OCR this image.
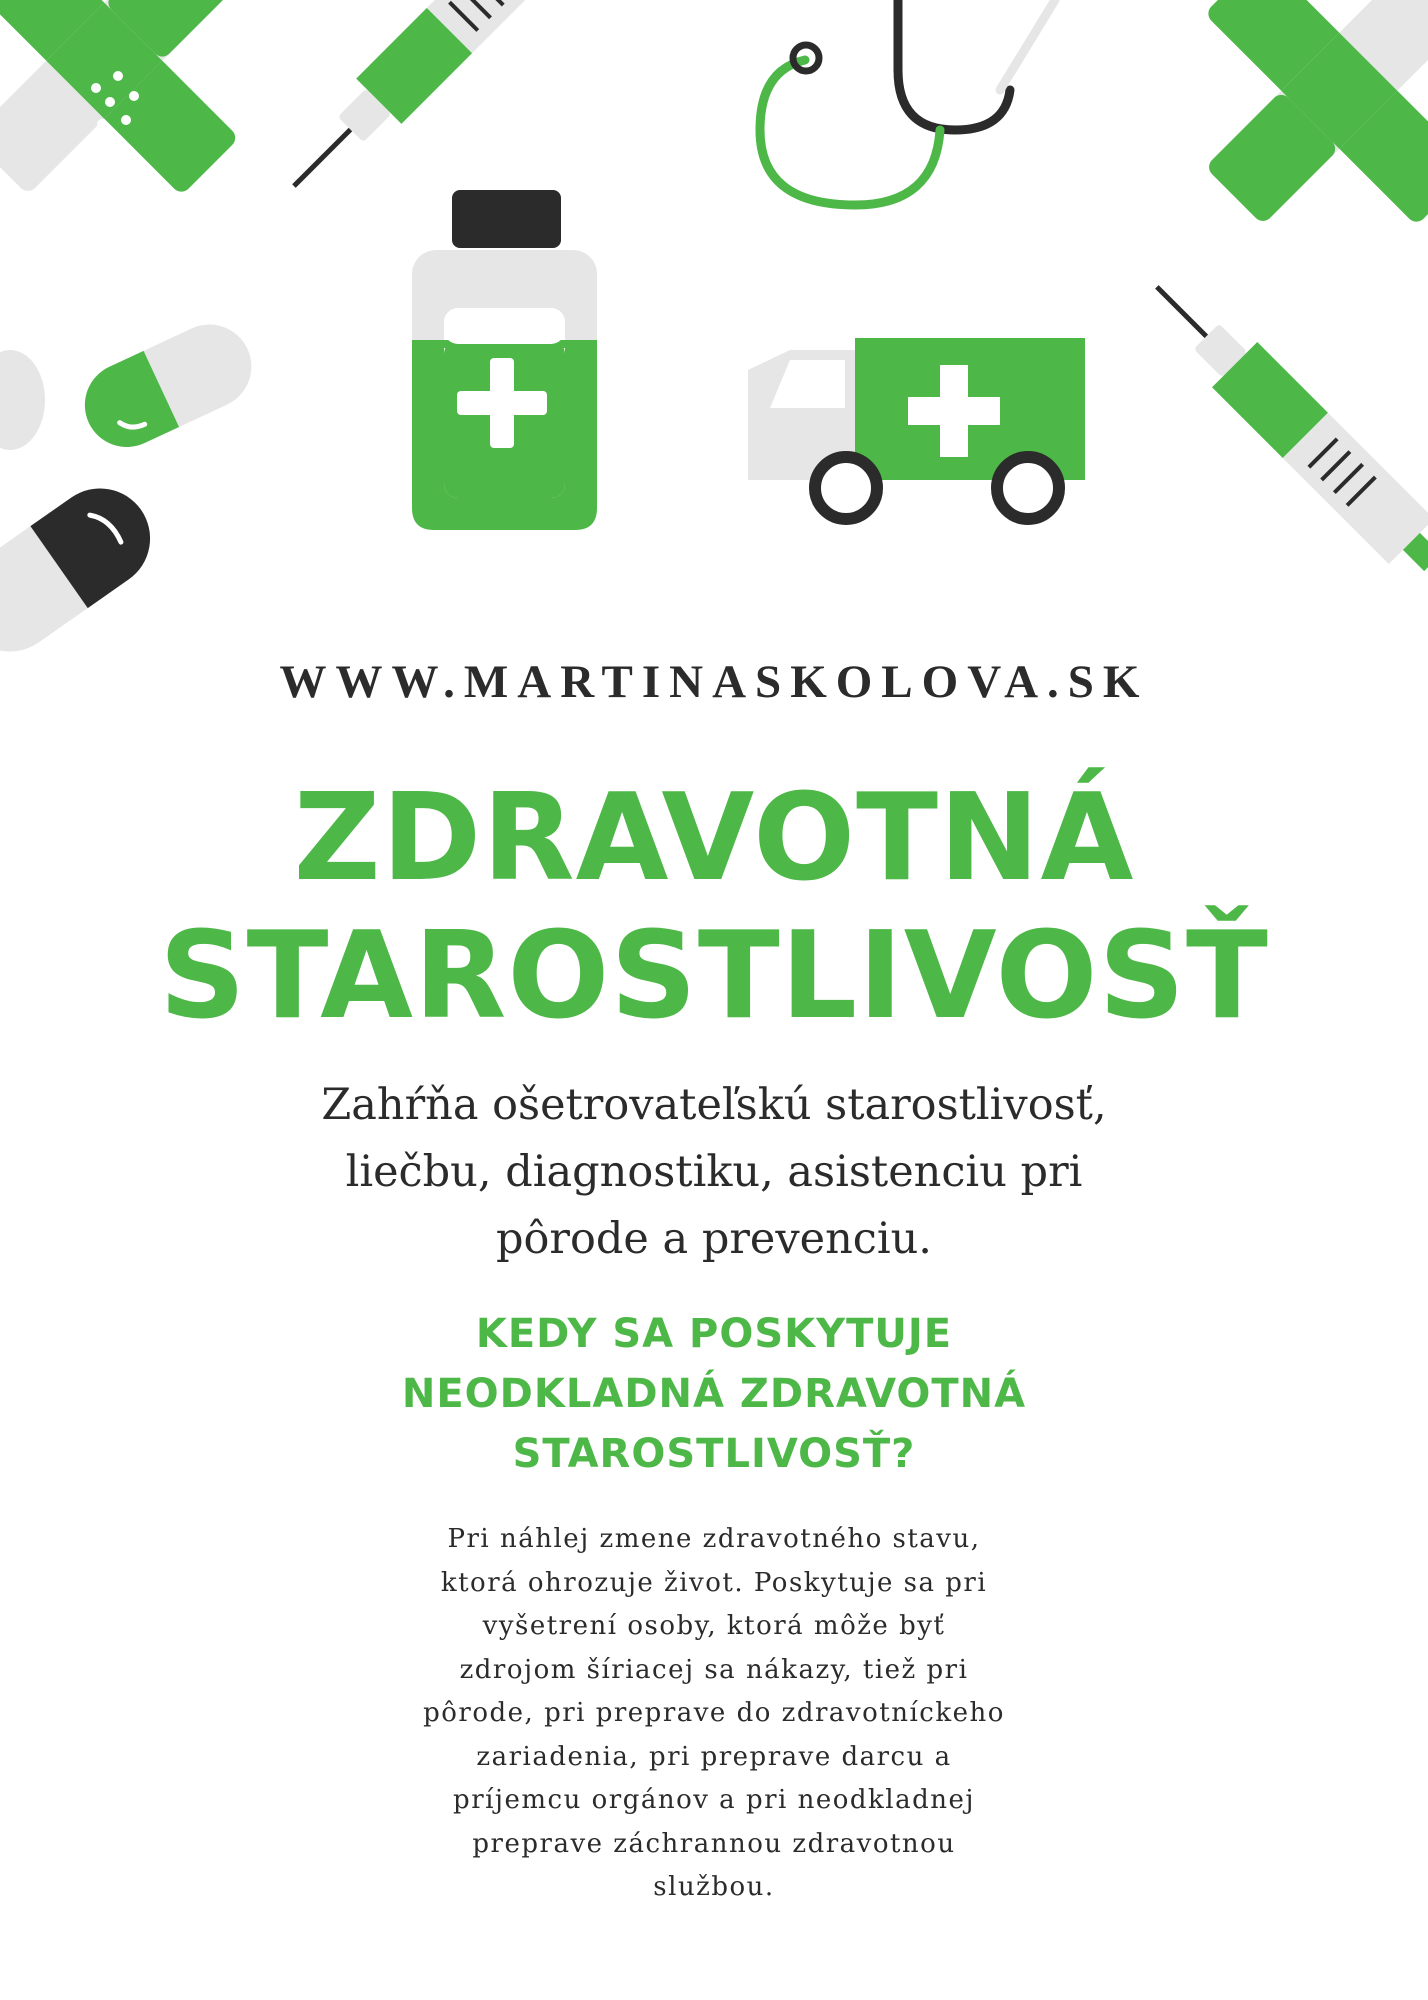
WWW.MARTINASKOLOVA.SK
ZDRAVOTNÁ
STAROSTLIVOSŤ
Zahŕňa ošetrovateľskú starostlivosť,
liečbu, diagnostiku, asistenciu pri
pôrode a prevenciu.
KEDY SA POSKYTUJE
NEODKLADNÁ ZDRAVOTNÁ
STAROSTLIVOSŤ?
Pri náhlej zmene zdravotného stavu,
ktorá ohrozuje život. Poskytuje sa pri
vyšetrení osoby, ktorá môže byť
zdrojom šíriacej sa nákazy, tiež pri
pôrode, pri preprave do zdravotníckeho
zariadenia, pri preprave darcu a
príjemcu orgánov a pri neodkladnej
preprave záchrannou zdravotnou
službou.
